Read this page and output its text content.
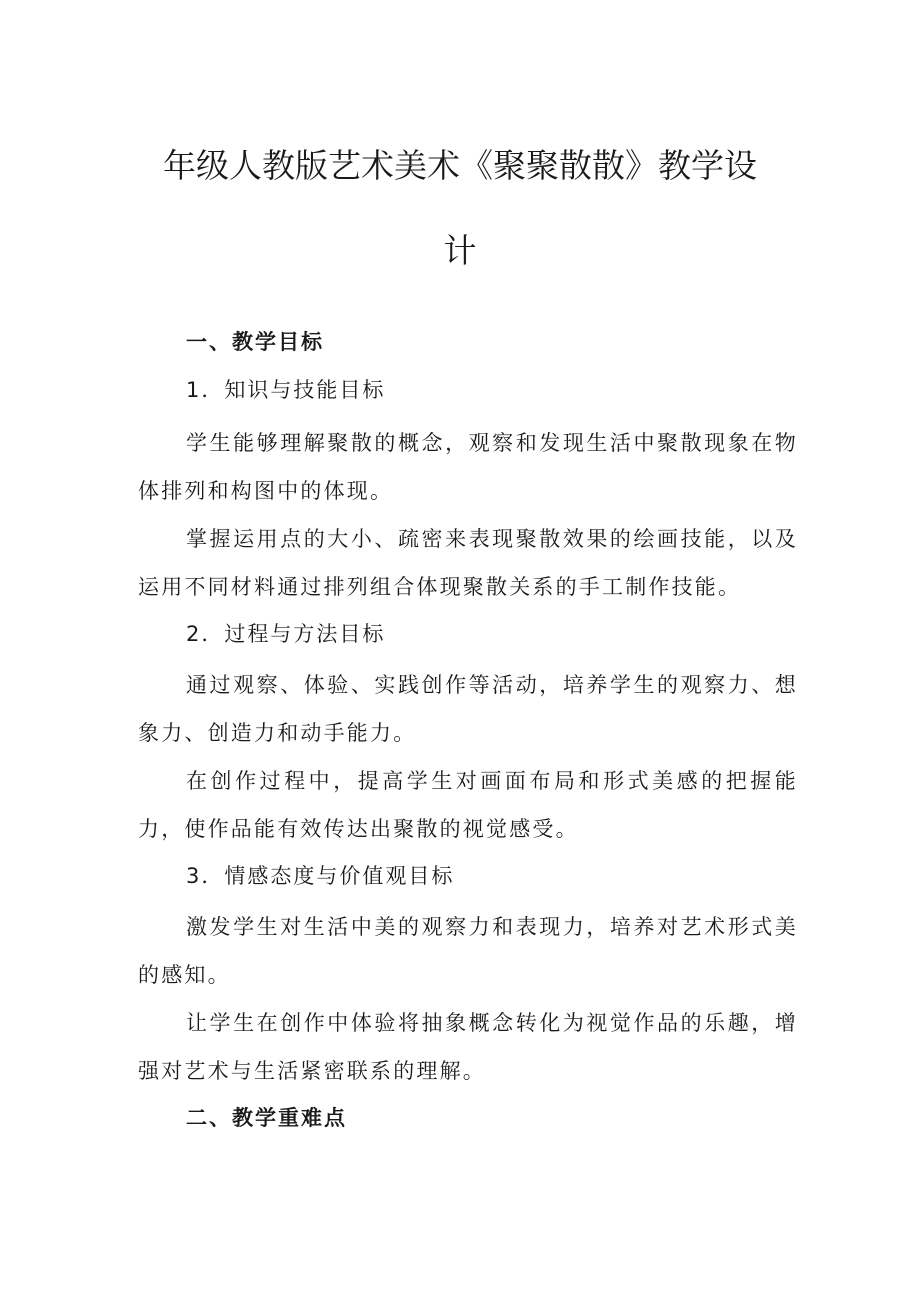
年级人教版艺术美术《聚聚散散》教学设
计
一、教学目标
1．知识与技能目标

学生能够理解聚散的概念，观察和发现生活中聚散现象在物体排列和构图中的体现。

掌握运用点的大小、疏密来表现聚散效果的绘画技能，以及运用不同材料通过排列组合体现聚散关系的手工制作技能。

2．过程与方法目标

通过观察、体验、实践创作等活动，培养学生的观察力、想象力、创造力和动手能力。

在创作过程中，提高学生对画面布局和形式美感的把握能力，使作品能有效传达出聚散的视觉感受。

3．情感态度与价值观目标

激发学生对生活中美的观察力和表现力，培养对艺术形式美的感知。

让学生在创作中体验将抽象概念转化为视觉作品的乐趣，增强对艺术与生活紧密联系的理解。

二、教学重难点
